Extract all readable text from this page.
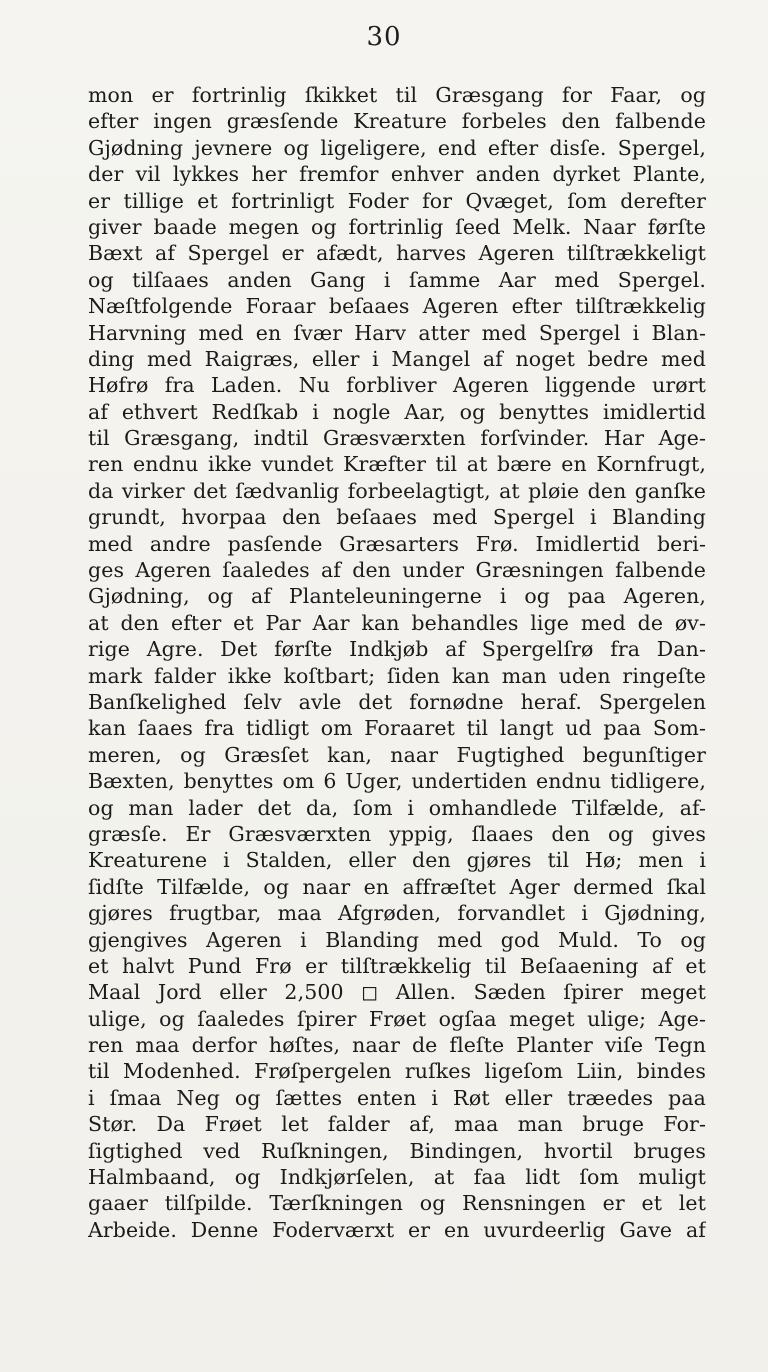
30
mon er fortrinlig ſkikket til Græsgang for Faar, og
efter ingen græsſende Kreature forbeles den falbende
Gjødning jevnere og ligeligere, end efter disſe. Spergel,
der vil lykkes her fremfor enhver anden dyrket Plante,
er tillige et fortrinligt Foder for Qvæget, ſom derefter
giver baade megen og fortrinlig ſeed Melk. Naar førſte
Bæxt af Spergel er afædt, harves Ageren tilſtrækkeligt
og tilſaaes anden Gang i ſamme Aar med Spergel.
Næſtfolgende Foraar beſaaes Ageren efter tilſtrækkelig
Harvning med en ſvær Harv atter med Spergel i Blan-
ding med Raigræs, eller i Mangel af noget bedre med
Høfrø fra Laden. Nu forbliver Ageren liggende urørt
af ethvert Redſkab i nogle Aar, og benyttes imidlertid
til Græsgang, indtil Græsværxten forſvinder. Har Age-
ren endnu ikke vundet Kræfter til at bære en Kornfrugt,
da virker det ſædvanlig forbeelagtigt, at pløie den ganſke
grundt, hvorpaa den beſaaes med Spergel i Blanding
med andre pasſende Græsarters Frø. Imidlertid beri-
ges Ageren ſaaledes af den under Græsningen falbende
Gjødning, og af Planteleuningerne i og paa Ageren,
at den efter et Par Aar kan behandles lige med de øv-
rige Agre. Det førſte Indkjøb af Spergelſrø fra Dan-
mark falder ikke koſtbart; ſiden kan man uden ringeſte
Banſkelighed ſelv avle det fornødne heraf. Spergelen
kan ſaaes fra tidligt om Foraaret til langt ud paa Som-
meren, og Græsſet kan, naar Fugtighed begunſtiger
Bæxten, benyttes om 6 Uger, undertiden endnu tidligere,
og man lader det da, ſom i omhandlede Tilfælde, af-
græsſe. Er Græsværxten yppig, ſlaaes den og gives
Kreaturene i Stalden, eller den gjøres til Hø; men i
ſidſte Tilfælde, og naar en affræſtet Ager dermed ſkal
gjøres frugtbar, maa Afgrøden, forvandlet i Gjødning,
gjengives Ageren i Blanding med god Muld. To og
et halvt Pund Frø er tilſtrækkelig til Beſaaening af et
Maal Jord eller 2,500 ◻ Allen. Sæden ſpirer meget
ulige, og ſaaledes ſpirer Frøet ogſaa meget ulige; Age-
ren maa derfor høſtes, naar de fleſte Planter viſe Tegn
til Modenhed. Frøſpergelen ruſkes ligeſom Liin, bindes
i ſmaa Neg og ſættes enten i Røt eller træedes paa
Stør. Da Frøet let falder af, maa man bruge For-
ſigtighed ved Ruſkningen, Bindingen, hvortil bruges
Halmbaand, og Indkjørſelen, at faa lidt ſom muligt
gaaer tilſpilde. Tærſkningen og Rensningen er et let
Arbeide. Denne Foderværxt er en uvurdeerlig Gave af
